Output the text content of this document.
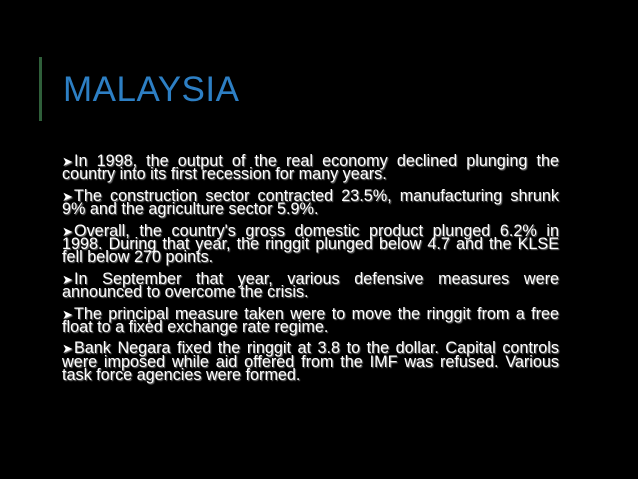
MALAYSIA
➤In 1998, the output of the real economy declined plunging the country into its first recession for many years.
➤The construction sector contracted 23.5%, manufacturing shrunk 9% and the agriculture sector 5.9%.
➤Overall, the country's gross domestic product plunged 6.2% in 1998. During that year, the ringgit plunged below 4.7 and the KLSE fell below 270 points.
➤In September that year, various defensive measures were announced to overcome the crisis.
➤The principal measure taken were to move the ringgit from a free float to a fixed exchange rate regime.
➤Bank Negara fixed the ringgit at 3.8 to the dollar. Capital controls were imposed while aid offered from the IMF was refused. Various task force agencies were formed.
